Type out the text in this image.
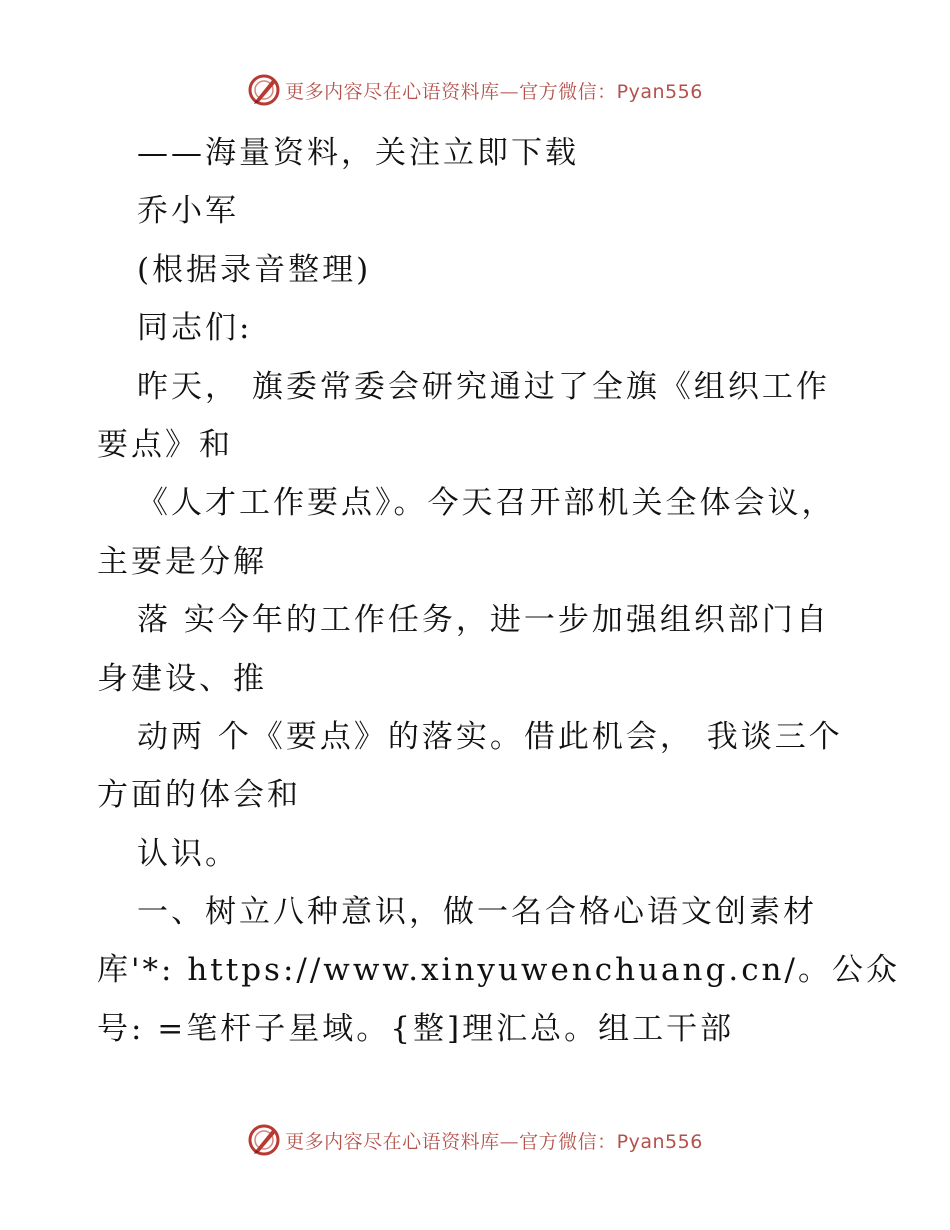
更多内容尽在心语资料库—官方微信：Pyan556
——海量资料，关注立即下载
乔小军
(根据录音整理)
同志们:
昨天， 旗委常委会研究通过了全旗《组织工作
要点》和
《人才工作要点》。今天召开部机关全体会议，
主要是分解
落 实今年的工作任务，进一步加强组织部门自
身建设、推
动两 个《要点》的落实。借此机会， 我谈三个
方面的体会和
认识。
一、树立八种意识，做一名合格心语文创素材
库'*: https://www.xinyuwenchuang.cn/。公众
号: =笔杆子星域。{整]理汇总。组工干部
更多内容尽在心语资料库—官方微信：Pyan556
